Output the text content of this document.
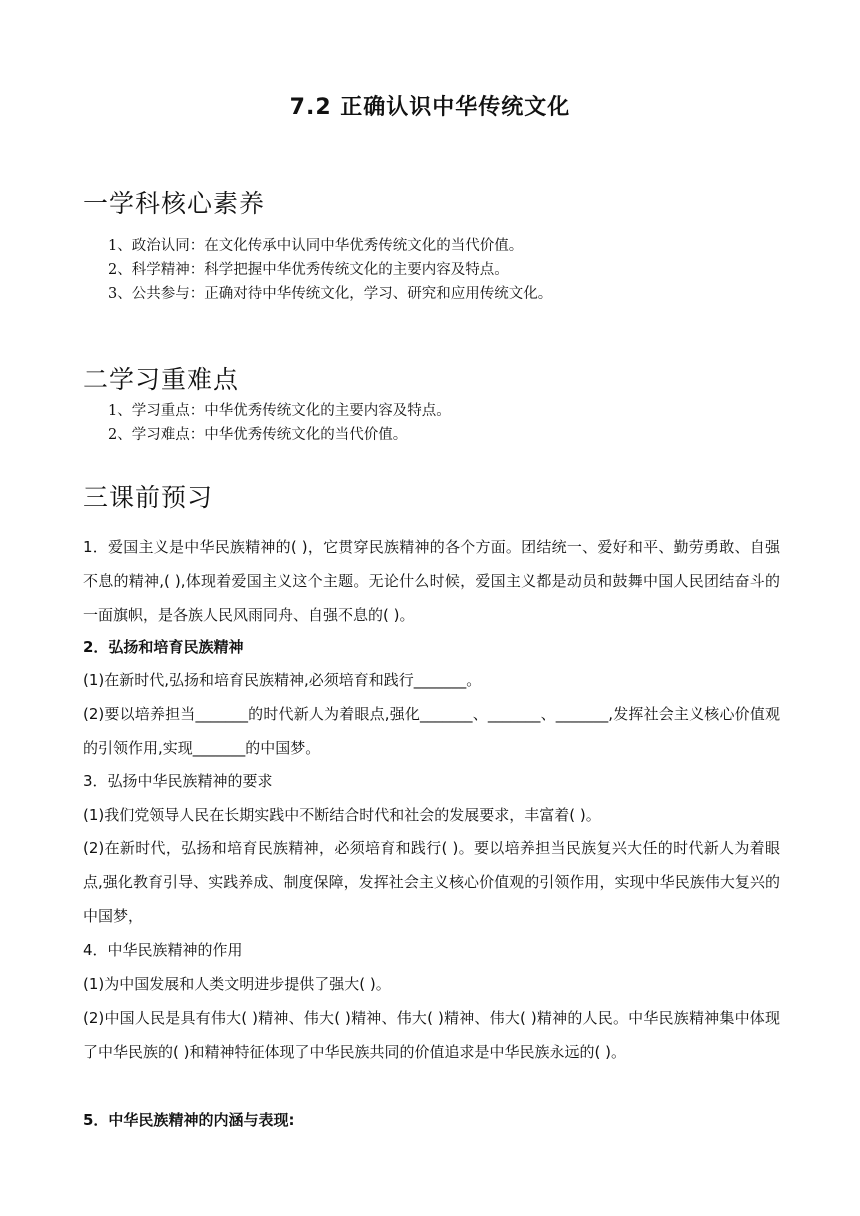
7.2 正确认识中华传统文化
一学科核心素养
1、政治认同：在文化传承中认同中华优秀传统文化的当代价值。
2、科学精神：科学把握中华优秀传统文化的主要内容及特点。
3、公共参与：正确对待中华传统文化，学习、研究和应用传统文化。
二学习重难点
1、学习重点：中华优秀传统文化的主要内容及特点。
2、学习难点：中华优秀传统文化的当代价值。
三课前预习
1．爱国主义是中华民族精神的( )，它贯穿民族精神的各个方面。团结统一、爱好和平、勤劳勇敢、自强不息的精神,( ),体现着爱国主义这个主题。无论什么时候，爱国主义都是动员和鼓舞中国人民团结奋斗的一面旗帜，是各族人民风雨同舟、自强不息的( )。
2．弘扬和培育民族精神
(1)在新时代,弘扬和培育民族精神,必须培育和践行_______。
(2)要以培养担当_______的时代新人为着眼点,强化_______、_______、_______,发挥社会主义核心价值观的引领作用,实现_______的中国梦。
3．弘扬中华民族精神的要求
(1)我们党领导人民在长期实践中不断结合时代和社会的发展要求，丰富着( )。
(2)在新时代，弘扬和培育民族精神，必须培育和践行( )。要以培养担当民族复兴大任的时代新人为着眼点,强化教育引导、实践养成、制度保障，发挥社会主义核心价值观的引领作用，实现中华民族伟大复兴的中国梦，
4．中华民族精神的作用
(1)为中国发展和人类文明进步提供了强大( )。
(2)中国人民是具有伟大( )精神、伟大( )精神、伟大( )精神、伟大( )精神的人民。中华民族精神集中体现了中华民族的( )和精神特征体现了中华民族共同的价值追求是中华民族永远的( )。
5．中华民族精神的内涵与表现:
